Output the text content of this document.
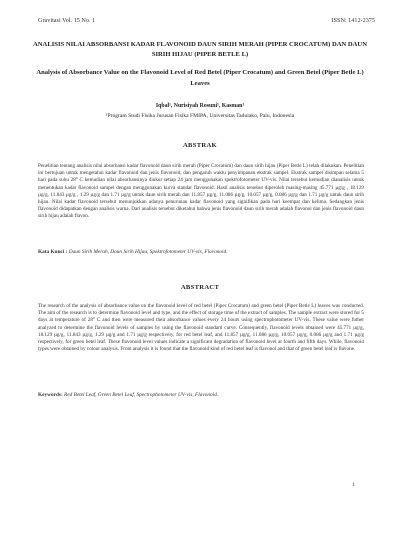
Gravitasi Vol. 15 No. 1	ISSN: 1412-2375
ANALISIS NILAI ABSORBANSI KADAR FLAVONOID DAUN SIRIH MERAH (PIPER CROCATUM) DAN DAUN SIRIH HIJAU (PIPER BETLE L)
Analysis of Absorbance Value on the Flavonoid Level of Red Betel (Piper Crocatum) and Green Betel (Piper Betle L) Leaves
Iqbal¹, Nurisiyah Rosuni¹, Kasman¹
¹Program Studi Fisika Jurusan Fisika FMIPA, Universitas Tadulako, Palu, Indonesia
ABSTRAK
Penelitian tentang analisis nilai absorbansi kadar flavonoid daun sirih merah (Piper Crocatum) dan daun sirih hijau (Piper Betle L) telah dilakukan. Penelitian ini bertujuan untuk mengetahui kadar flavonoid dan jenis flavonoid, dan pengaruh waktu penyimpanan ekstrak sampel. Ekstrak sampel disimpan selama 5 hari pada suhu 28° C kemudian nilai absorbansinya diukur setiap 24 jam menggunakan spektrofotometer UV-vis. Nilai tersebut kemudian dianalisis untuk menentukan kadar flavonoid sampel dengan menggunakan kurva standar flavonoid. Hasil analisis tersebut diperoleh masing-masing 45.771 µg/g , 18.129 µg/g, 11.843 µg/g , 1.29 µg/g dan 1.71 µg/g untuk daun sirih merah dan 11.857 µg/g, 11.086 µg/g, 10.057 µg/g, 0.086 µg/g dan 1.71 µg/g untuk daun sirih hijau. Nilai kadar flavonoid tersebut menunjukkan adanya penurunan kadar flavonoid yang signifikan pada hari keempat dan kelima. Sedangkan jenis flavonoid didapatkan dengan analisis warna. Dari analisis tersebut diketahui bahwa jenis flavonoid daun sirih merah adalah flavonol dan jenis flavonoid daun sirih hijau adalah flavon.
Kata Kunci : Daun Sirih Merah, Daun Sirih Hijau, Spektrofotometer UV-vis, Flavonoid.
ABSTRACT
The research of the analysis of absorbance value on the flavonoid level of red betel (Piper Crocatum) and green betel (Piper Betle L) leaves was conducted. The aim of the research is to determine flavonoid level and type, and the effect of storage time of the extract of samples. The sample extract were stored for 5 days at temperature of 28° C and then were measured their absorbance values every 24 hours using spectrophotometer UV-vis. These value were futher analyzed to determine the flavonoid levels of samples by using the flavonoid standard curve. Consequently, flavonoid levels obtained were 45.771 µg/g, 18.129 µg/g, 11.843 µg/g, 1.29 µg/g and 1.71 µg/g respectively, for red betel leaf, and 11.857 µg/g, 11.086 µg/g, 10.057 µg/g, 0.086 µg/g and 1.71 µg/g respectively, for green betel leaf. These flavonoid level values indicate a significant degradation of flavonoid level at fourth and fifth days. While, flavonoid types were obtained by colour analysis. From analysis it is found that the flavonoid kind of red betel leaf is flavonol and that of green betel leaf is flavone.
Keywords: Red Betel Leaf, Green Betel Leaf, Spectrophotometer UV-vis, Flavonoid.
1
